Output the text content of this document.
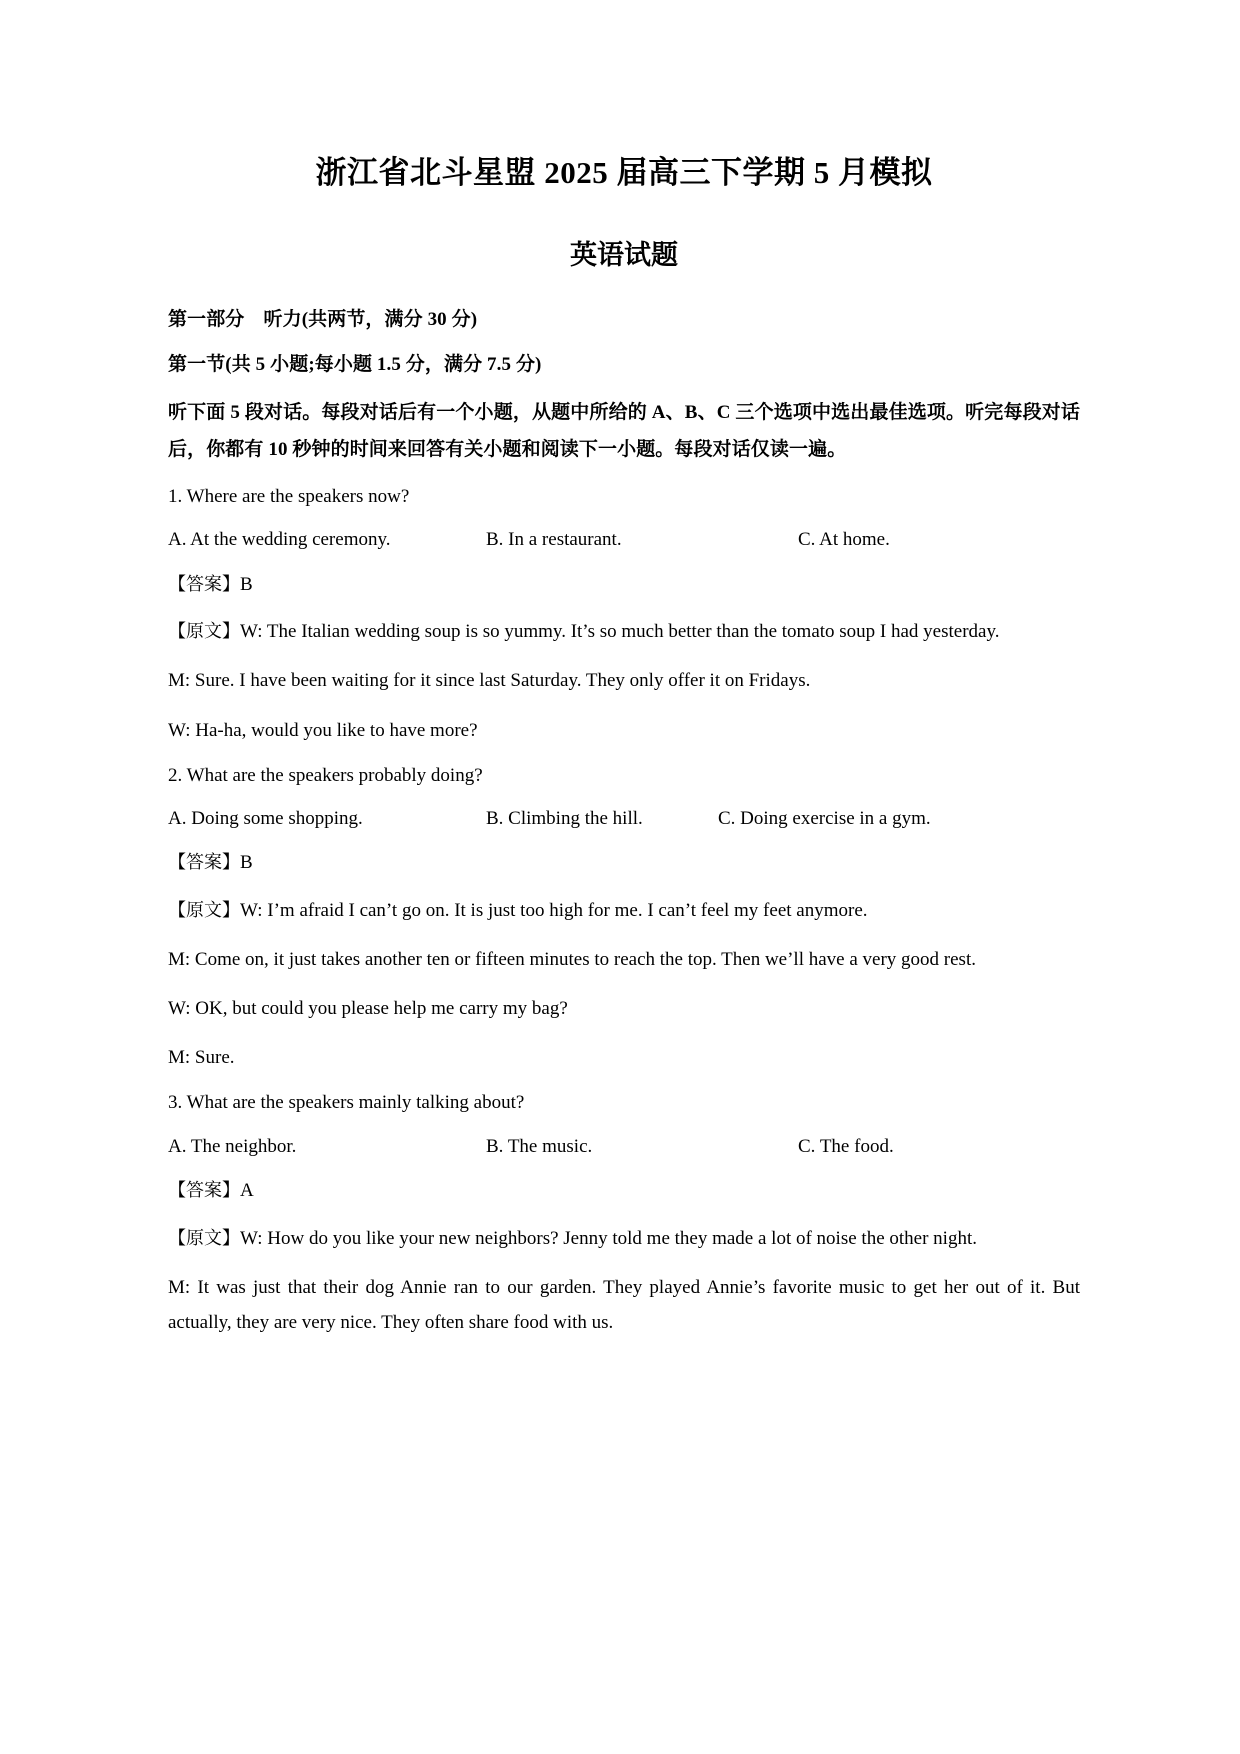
浙江省北斗星盟 2025 届高三下学期 5 月模拟
英语试题

第一部分　听力(共两节，满分 30 分)

第一节(共 5 小题;每小题 1.5 分，满分 7.5 分)

听下面 5 段对话。每段对话后有一个小题，从题中所给的 A、B、C 三个选项中选出最佳选项。听完每段对话后，你都有 10 秒钟的时间来回答有关小题和阅读下一小题。每段对话仅读一遍。

1. Where are the speakers now?

A. At the wedding ceremony.	B. In a restaurant.	C. At home.

【答案】B

【原文】W: The Italian wedding soup is so yummy. It’s so much better than the tomato soup I had yesterday.

M: Sure. I have been waiting for it since last Saturday. They only offer it on Fridays.

W: Ha-ha, would you like to have more?

2. What are the speakers probably doing?

A. Doing some shopping.	B. Climbing the hill.	C. Doing exercise in a gym.

【答案】B

【原文】W: I’m afraid I can’t go on. It is just too high for me. I can’t feel my feet anymore.

M: Come on, it just takes another ten or fifteen minutes to reach the top. Then we’ll have a very good rest.

W: OK, but could you please help me carry my bag?

M: Sure.

3. What are the speakers mainly talking about?

A. The neighbor.	B. The music.	C. The food.

【答案】A

【原文】W: How do you like your new neighbors? Jenny told me they made a lot of noise the other night.

M: It was just that their dog Annie ran to our garden. They played Annie’s favorite music to get her out of it. But actually, they are very nice. They often share food with us.
